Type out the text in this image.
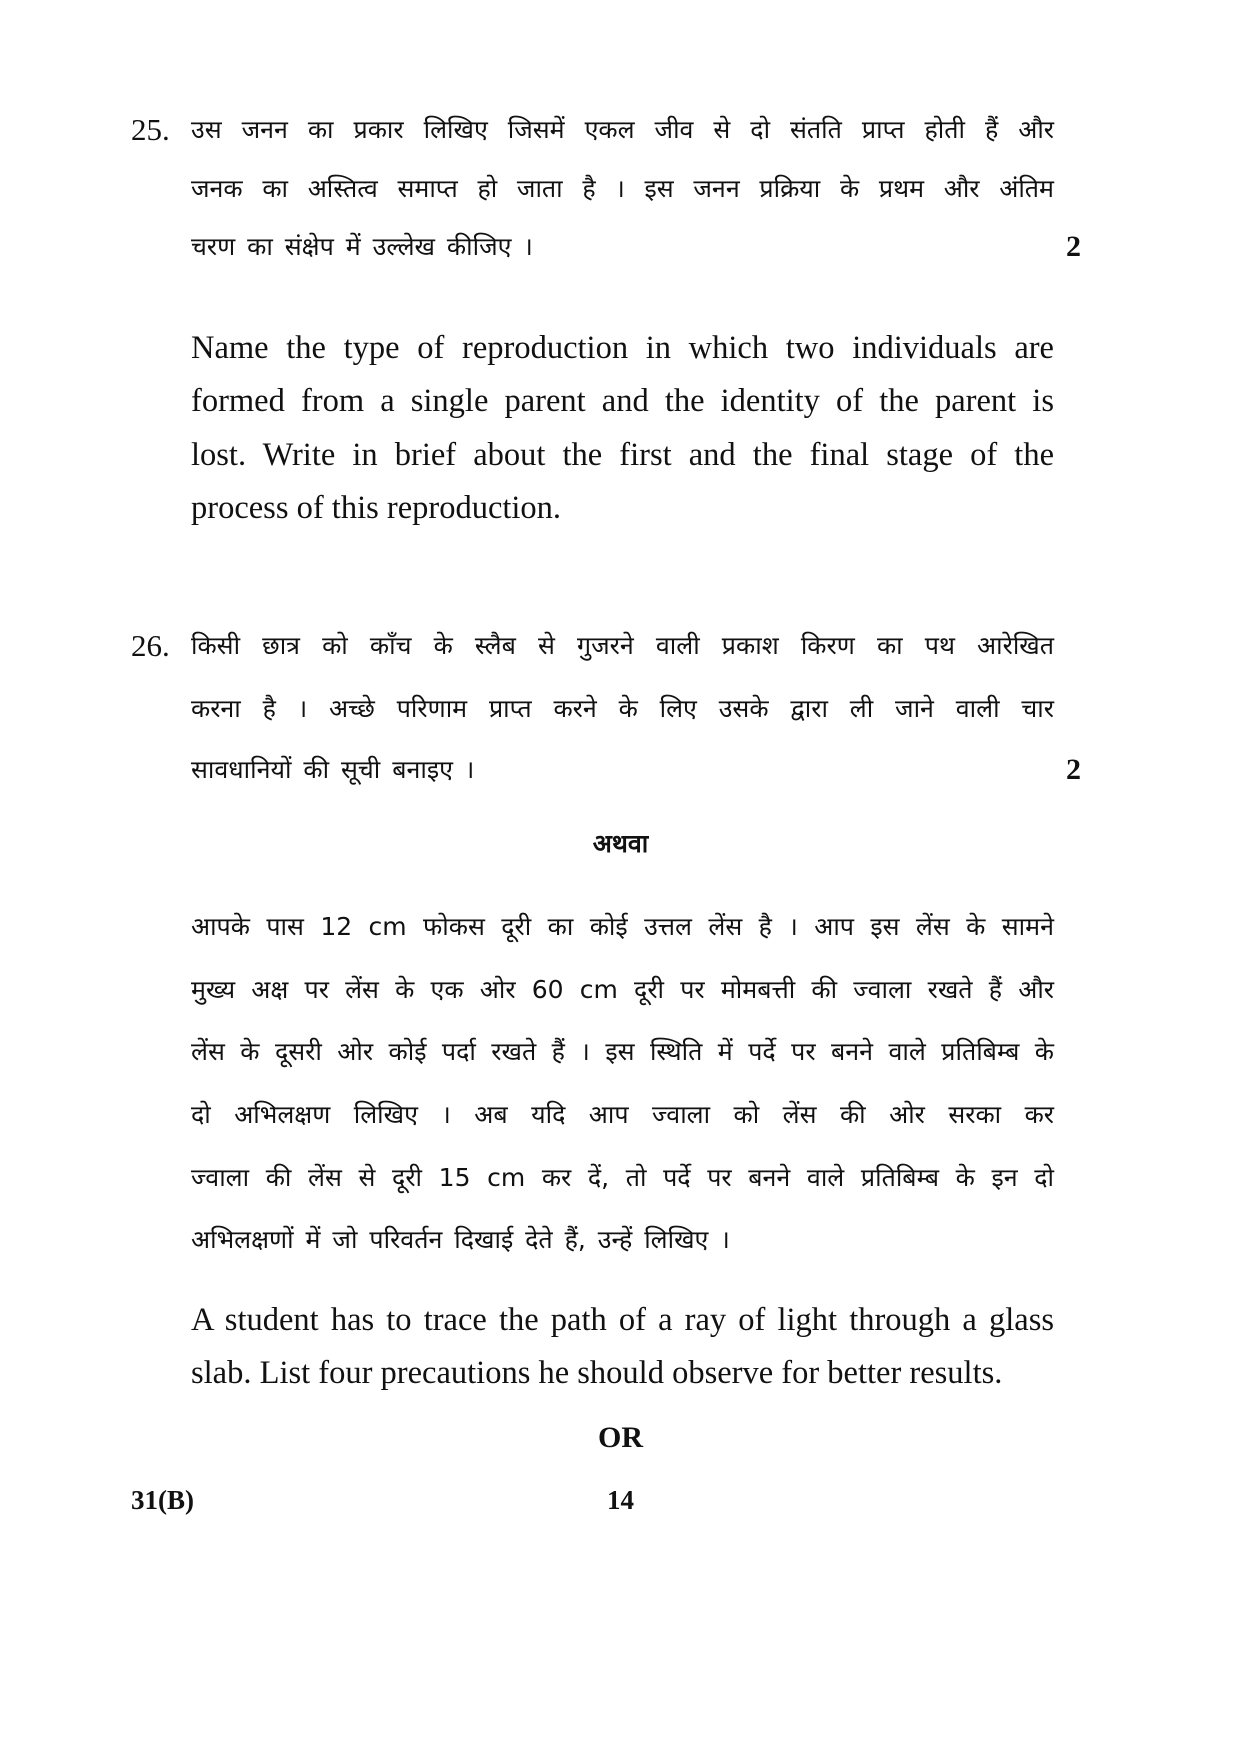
25. उस जनन का प्रकार लिखिए जिसमें एकल जीव से दो संतति प्राप्त होती हैं और

जनक का अस्तित्व समाप्त हो जाता है । इस जनन प्रक्रिया के प्रथम और अंतिम

चरण का संक्षेप में उल्लेख कीजिए ।	2

Name the type of reproduction in which two individuals are

formed from a single parent and the identity of the parent is

lost. Write in brief about the first and the final stage of the

process of this reproduction.

26. किसी छात्र को काँच के स्लैब से गुजरने वाली प्रकाश किरण का पथ आरेखित

करना है । अच्छे परिणाम प्राप्त करने के लिए उसके द्वारा ली जाने वाली चार

सावधानियों की सूची बनाइए ।	2
अथवा

आपके पास 12 cm फोकस दूरी का कोई उत्तल लेंस है । आप इस लेंस के सामने

मुख्य अक्ष पर लेंस के एक ओर 60 cm दूरी पर मोमबत्ती की ज्वाला रखते हैं और

लेंस के दूसरी ओर कोई पर्दा रखते हैं । इस स्थिति में पर्दे पर बनने वाले प्रतिबिम्ब के

दो अभिलक्षण लिखिए । अब यदि आप ज्वाला को लेंस की ओर सरका कर

ज्वाला की लेंस से दूरी 15 cm कर दें, तो पर्दे पर बनने वाले प्रतिबिम्ब के इन दो

अभिलक्षणों में जो परिवर्तन दिखाई देते हैं, उन्हें लिखिए ।

A student has to trace the path of a ray of light through a glass

slab. List four precautions he should observe for better results.

OR
31(B)	14
